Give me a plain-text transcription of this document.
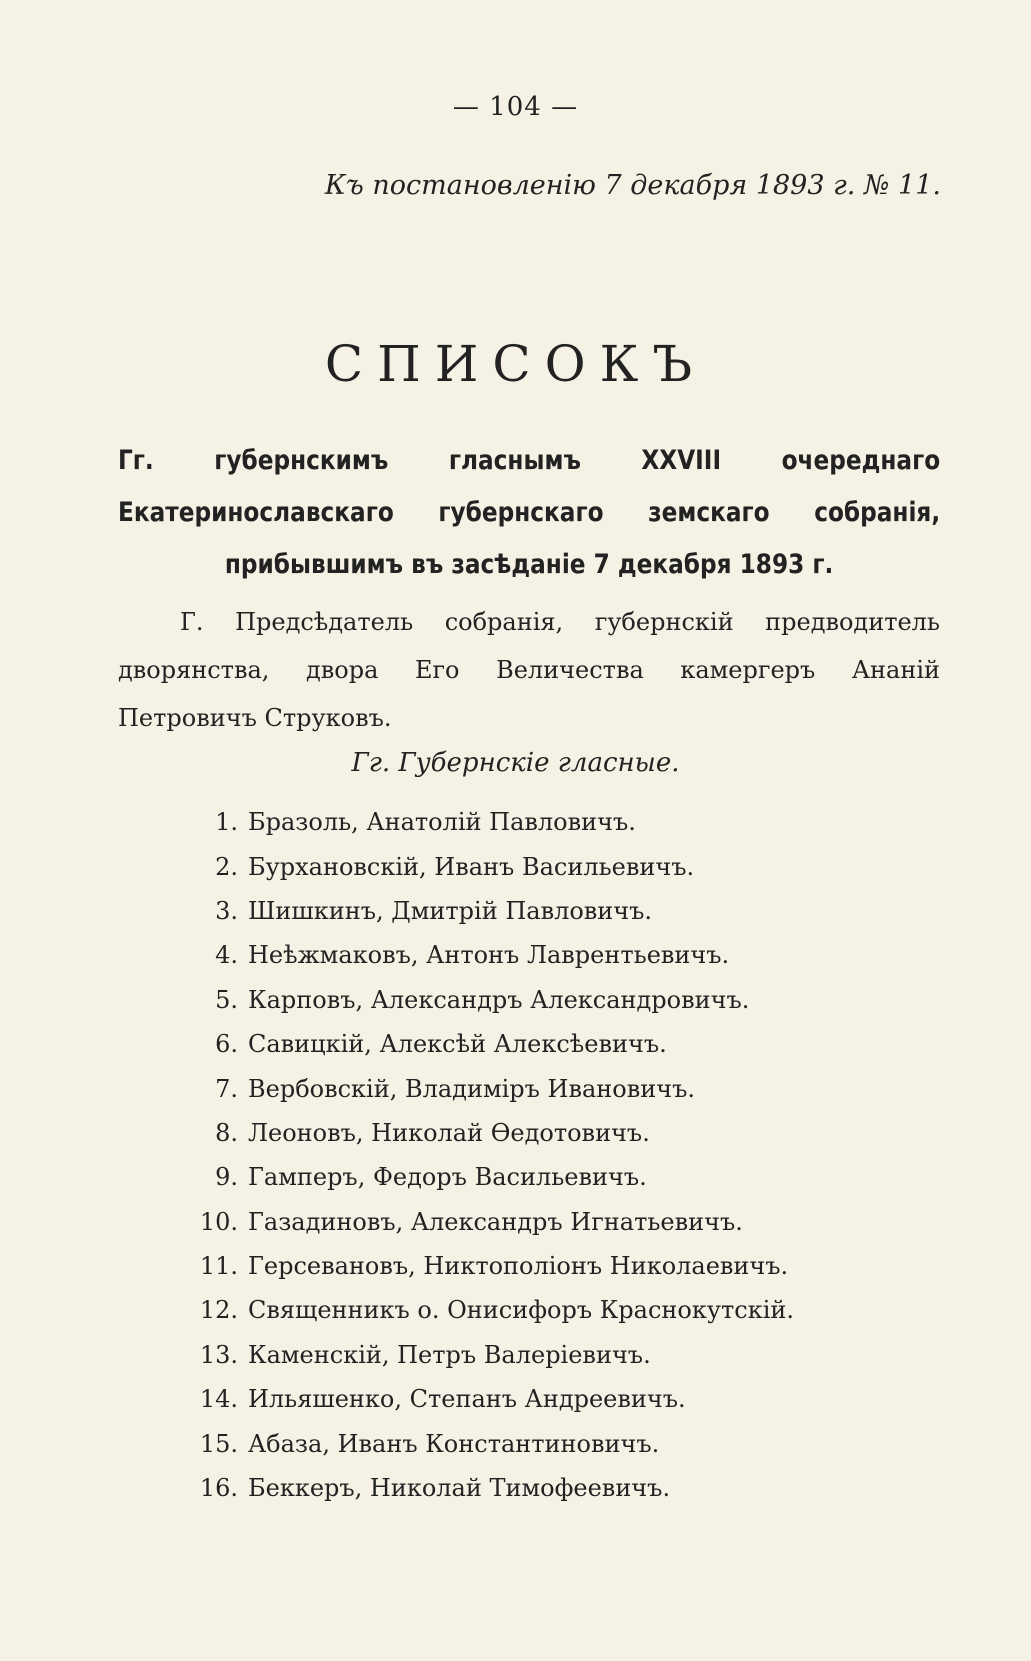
— 104 —
Къ постановленію 7 декабря 1893 г. № 11.
СПИСОКЪ
Гг. губернскимъ гласнымъ XXVIII очереднаго Екатеринославскаго губернскаго земскаго собранія, прибывшимъ въ засѣданіе 7 декабря 1893 г.
Г. Предсѣдатель собранія, губернскій предводитель дворянства, двора Его Величества камергеръ Ананій Петровичъ Струковъ.
Гг. Губернскіе гласные.
1. Бразоль, Анатолій Павловичъ.
2. Бурхановскій, Иванъ Васильевичъ.
3. Шишкинъ, Дмитрій Павловичъ.
4. Неѣжмаковъ, Антонъ Лаврентьевичъ.
5. Карповъ, Александръ Александровичъ.
6. Савицкій, Алексѣй Алексѣевичъ.
7. Вербовскій, Владиміръ Ивановичъ.
8. Леоновъ, Николай Өедотовичъ.
9. Гамперъ, Федоръ Васильевичъ.
10. Газадиновъ, Александръ Игнатьевичъ.
11. Герсевановъ, Никтополіонъ Николаевичъ.
12. Священникъ о. Онисифоръ Краснокутскій.
13. Каменскій, Петръ Валеріевичъ.
14. Ильяшенко, Степанъ Андреевичъ.
15. Абаза, Иванъ Константиновичъ.
16. Беккеръ, Николай Тимофеевичъ.
